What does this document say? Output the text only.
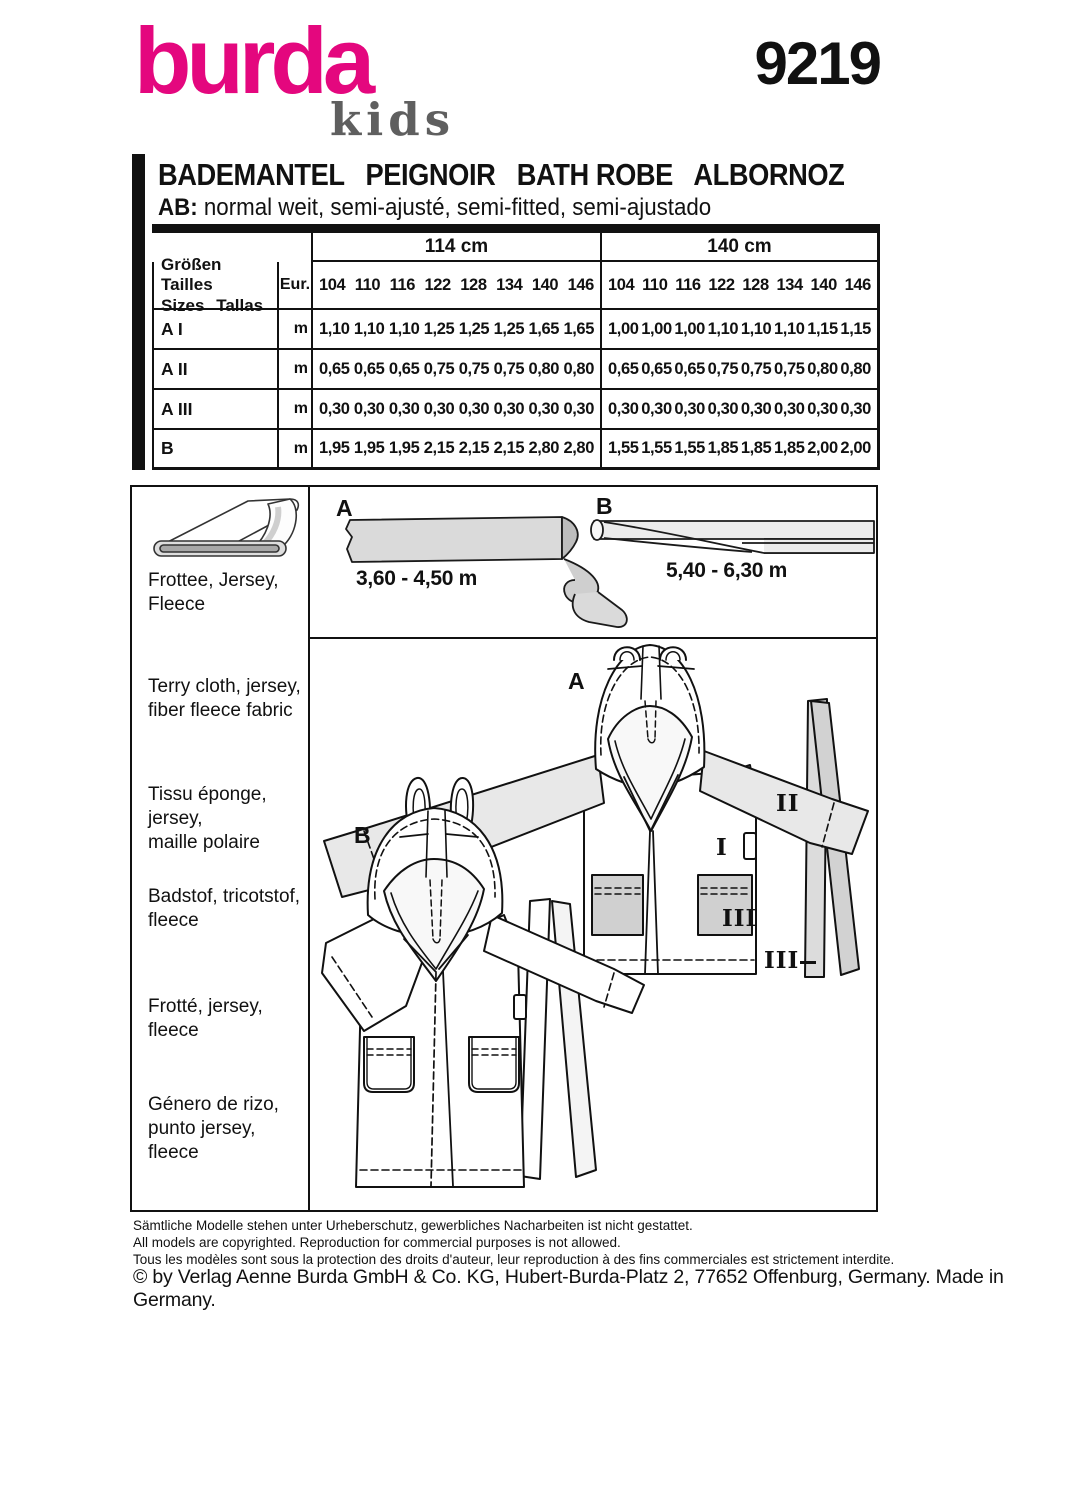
burda
kids
9219
BADEMANTEL   PEIGNOIR   BATH ROBE   ALBORNOZ
AB: normal weit, semi-ajusté, semi-fitted, semi-ajustado
114 cm	140 cm
Größen Tailles
Sizes Tallas
Eur. 104 110 116 122 128 134 140 146 104 110 116 122 128 134 140 146
A I	m 1,10 1,10 1,10 1,25 1,25 1,25 1,65 1,65 1,00 1,00 1,00 1,10 1,10 1,10 1,15 1,15
A II	m 0,65 0,65 0,65 0,75 0,75 0,75 0,80 0,80 0,65 0,65 0,65 0,75 0,75 0,75 0,80 0,80
A III	m 0,30 0,30 0,30 0,30 0,30 0,30 0,30 0,30 0,30 0,30 0,30 0,30 0,30 0,30 0,30 0,30
B	m 1,95 1,95 1,95 2,15 2,15 2,15 2,80 2,80 1,55 1,55 1,55 1,85 1,85 1,85 2,00 2,00
Frottee, Jersey,
Fleece
Terry cloth, jersey,
fiber fleece fabric
Tissu éponge, jersey,
maille polaire
Badstof, tricotstof,
fleece
Frotté, jersey, fleece
Género de rizo,
punto jersey, fleece
A
3,60 - 4,50 m
B
5,40 - 6,30 m
A
B	I
II
III
III
Sämtliche Modelle stehen unter Urheberschutz, gewerbliches Nacharbeiten ist nicht gestattet.
All models are copyrighted. Reproduction for commercial purposes is not allowed.
Tous les modèles sont sous la protection des droits d'auteur, leur reproduction à des fins commerciales est strictement interdite.
© by Verlag Aenne Burda GmbH & Co. KG, Hubert-Burda-Platz 2, 77652 Offenburg, Germany. Made in Germany.
